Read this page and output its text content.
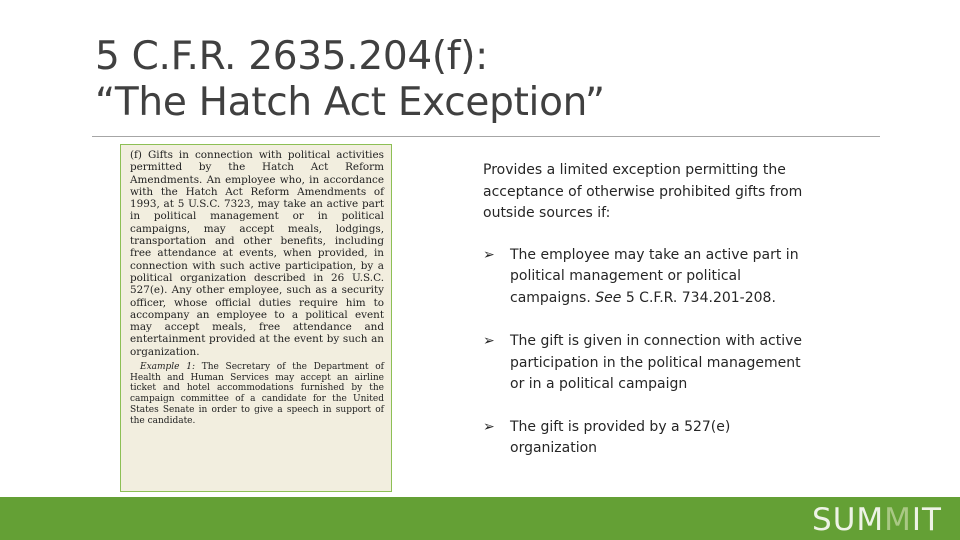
5 C.F.R. 2635.204(f):
“The Hatch Act Exception”

(f) Gifts in connection with political activities permitted by the Hatch Act Reform Amendments. An employee who, in accordance with the Hatch Act Reform Amendments of 1993, at 5 U.S.C. 7323, may take an active part in political management or in political campaigns, may accept meals, lodgings, transportation and other benefits, including free attendance at events, when provided, in connection with such active participation, by a political organization described in 26 U.S.C. 527(e). Any other employee, such as a security officer, whose official duties require him to accompany an employee to a political event may accept meals, free attendance and entertainment provided at the event by such an organization.

Example 1: The Secretary of the Department of Health and Human Services may accept an airline ticket and hotel accommodations furnished by the campaign committee of a candidate for the United States Senate in order to give a speech in support of the candidate.

Provides a limited exception permitting the acceptance of otherwise prohibited gifts from outside sources if:

➢ The employee may take an active part in political management or political campaigns. See 5 C.F.R. 734.201-208.
➢ The gift is given in connection with active participation in the political management or in a political campaign
➢ The gift is provided by a 527(e) organization
SUMMIT
